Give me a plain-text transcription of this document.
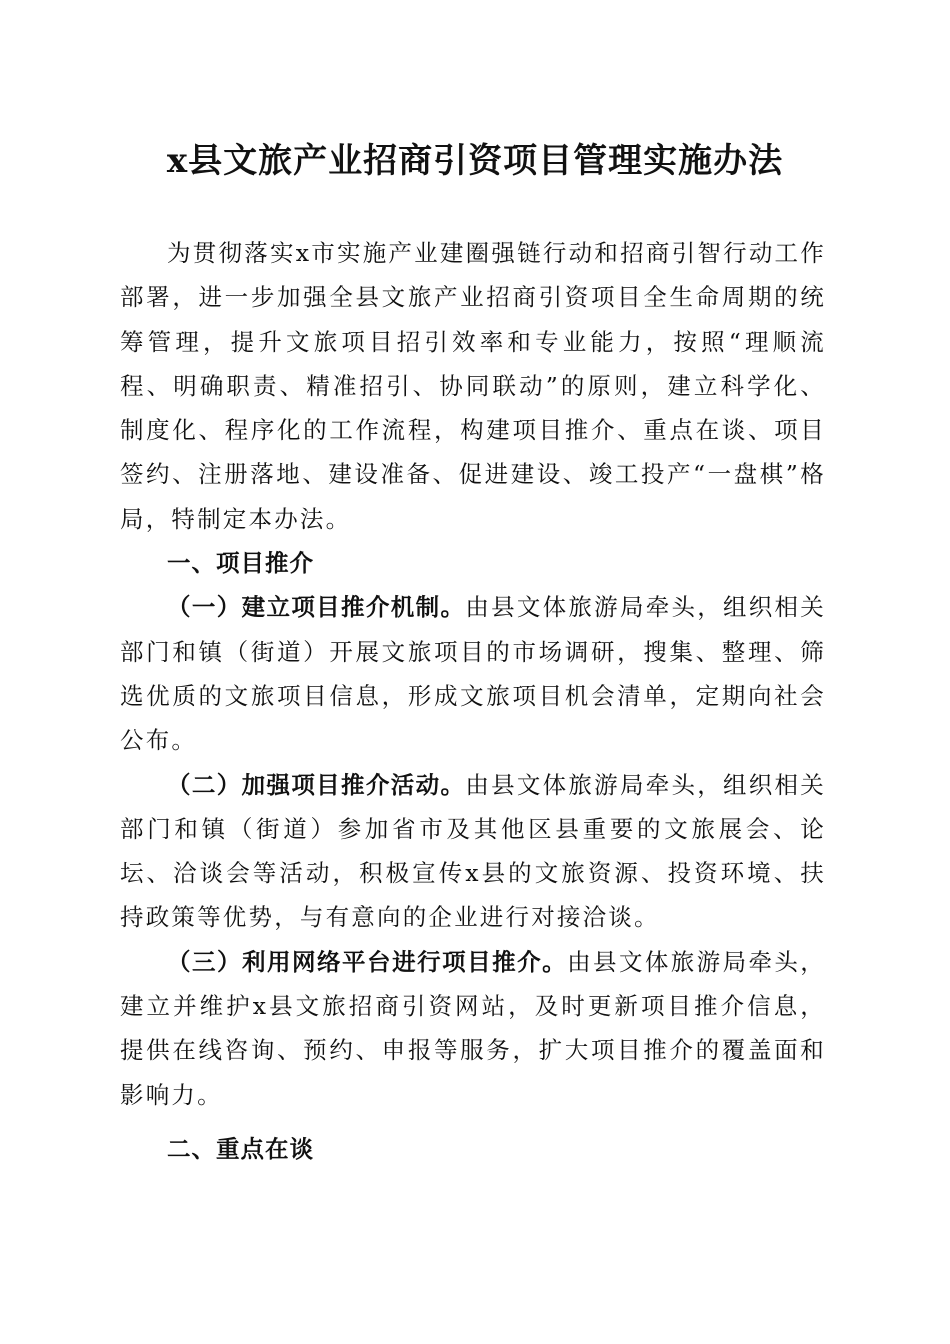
x县文旅产业招商引资项目管理实施办法

为贯彻落实x市实施产业建圈强链行动和招商引智行动工作部署，进一步加强全县文旅产业招商引资项目全生命周期的统筹管理，提升文旅项目招引效率和专业能力，按照“理顺流程、明确职责、精准招引、协同联动”的原则，建立科学化、制度化、程序化的工作流程，构建项目推介、重点在谈、项目签约、注册落地、建设准备、促进建设、竣工投产“一盘棋”格局，特制定本办法。

一、项目推介

（一）建立项目推介机制。由县文体旅游局牵头，组织相关部门和镇（街道）开展文旅项目的市场调研，搜集、整理、筛选优质的文旅项目信息，形成文旅项目机会清单，定期向社会公布。

（二）加强项目推介活动。由县文体旅游局牵头，组织相关部门和镇（街道）参加省市及其他区县重要的文旅展会、论坛、洽谈会等活动，积极宣传x县的文旅资源、投资环境、扶持政策等优势，与有意向的企业进行对接洽谈。

（三）利用网络平台进行项目推介。由县文体旅游局牵头，建立并维护x县文旅招商引资网站，及时更新项目推介信息，提供在线咨询、预约、申报等服务，扩大项目推介的覆盖面和影响力。

二、重点在谈
